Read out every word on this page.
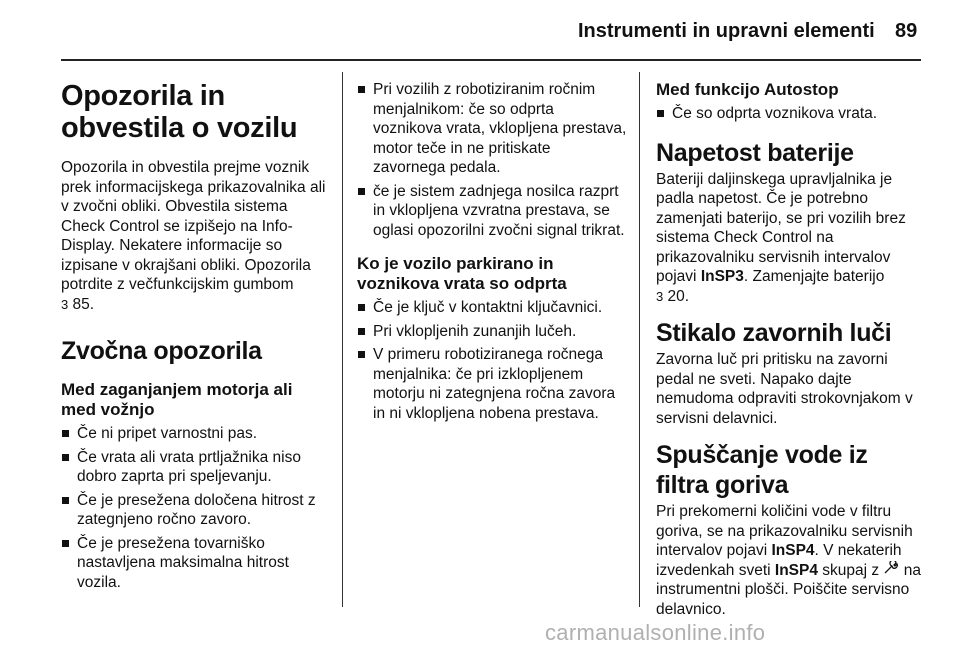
Instrumenti in upravni elementi 89
Opozorila in obvestila o vozilu

Opozorila in obvestila prejme voznik prek informacijskega prikazovalnika ali v zvočni obliki. Obvestila sistema Check Control se izpišejo na Info-Display. Nekatere informacije so izpisane v okrajšani obliki. Opozorila potrdite z večfunkcijskim gumbom
3 85.

Zvočna opozorila
Med zaganjanjem motorja ali med vožnjo
Če ni pripet varnostni pas.
Če vrata ali vrata prtljažnika niso dobro zaprta pri speljevanju.
Če je presežena določena hitrost z zategnjeno ročno zavoro.
Če je presežena tovarniško nastavljena maksimalna hitrost vozila.
Pri vozilih z robotiziranim ročnim menjalnikom: če so odprta voznikova vrata, vklopljena prestava, motor teče in ne pritiskate zavornega pedala.
če je sistem zadnjega nosilca razprt in vklopljena vzvratna prestava, se oglasi opozorilni zvočni signal trikrat.
Ko je vozilo parkirano in voznikova vrata so odprta
Če je ključ v kontaktni ključavnici.
Pri vklopljenih zunanjih lučeh.
V primeru robotiziranega ročnega menjalnika: če pri izklopljenem motorju ni zategnjena ročna zavora in ni vklopljena nobena prestava.
Med funkcijo Autostop
Če so odprta voznikova vrata.
Napetost baterije

Bateriji daljinskega upravljalnika je padla napetost. Če je potrebno zamenjati baterijo, se pri vozilih brez sistema Check Control na prikazovalniku servisnih intervalov pojavi InSP3. Zamenjajte baterijo
3 20.

Stikalo zavornih luči

Zavorna luč pri pritisku na zavorni pedal ne sveti. Napako dajte nemudoma odpraviti strokovnjakom v servisni delavnici.

Spuščanje vode iz filtra goriva

Pri prekomerni količini vode v filtru goriva, se na prikazovalniku servisnih intervalov pojavi InSP4. V nekaterih izvedenkah sveti InSP4 skupaj z  na instrumentni plošči. Poiščite servisno delavnico.

carmanualsonline.info
